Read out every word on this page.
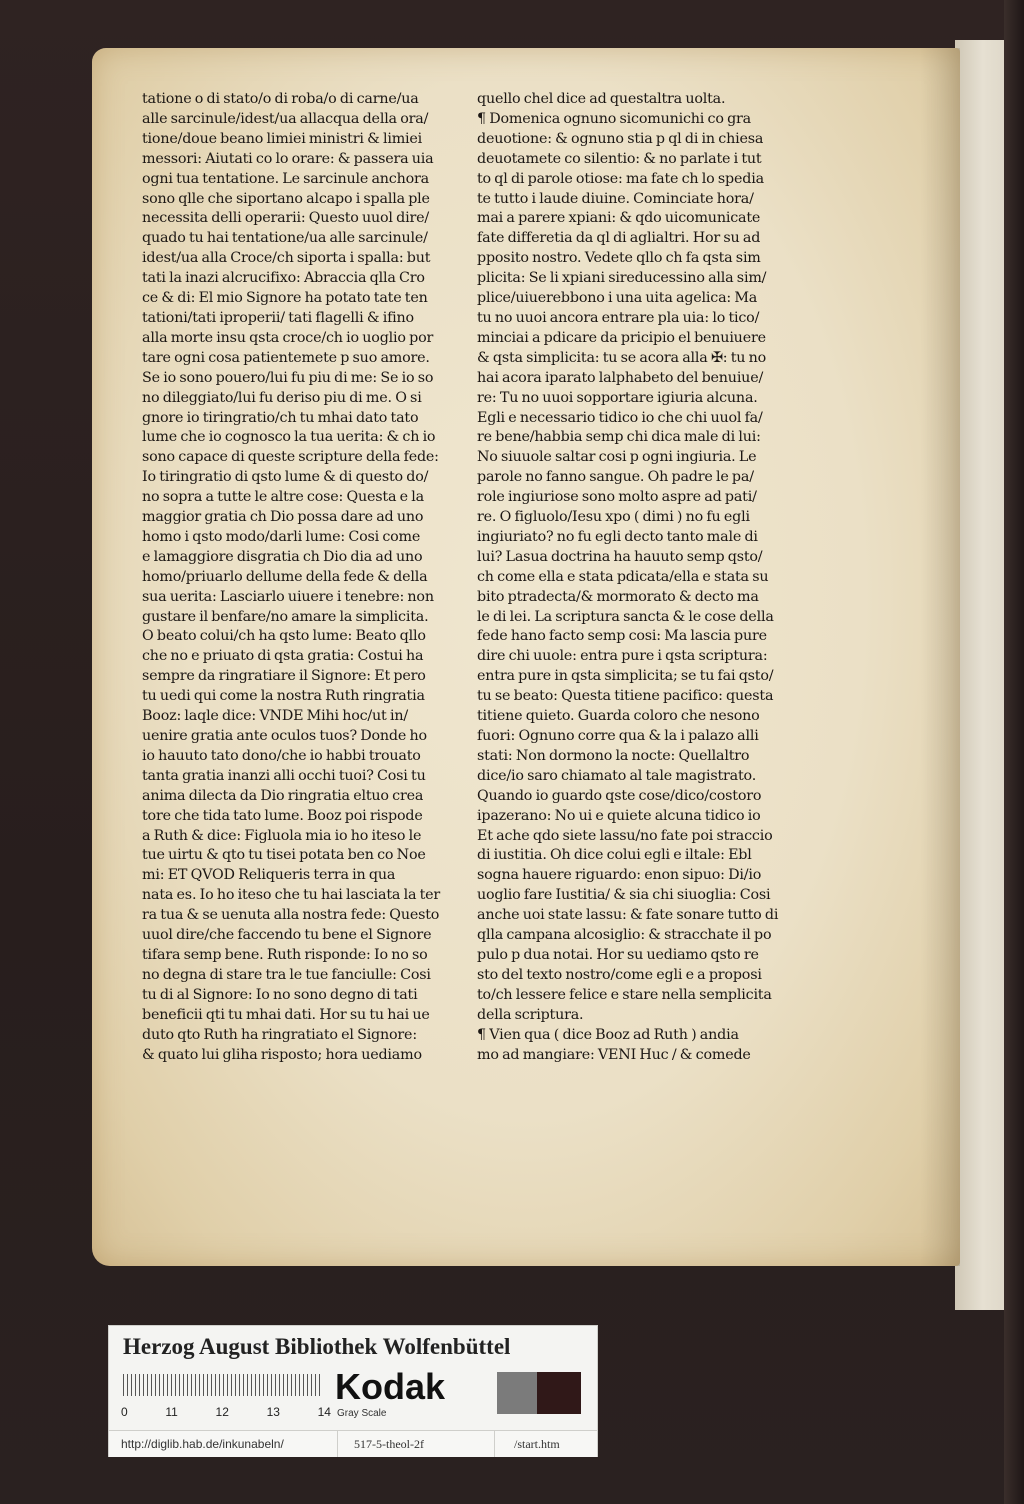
tatione o di stato/o di roba/o di carne/ua
alle sarcinule/idest/ua allacqua della ora/
tione/doue beano limiei ministri & limiei
messori: Aiutati co lo orare: & passera uia
ogni tua tentatione. Le sarcinule anchora
sono qlle che siportano alcapo i spalla ple
necessita delli operarii: Questo uuol dire/
quado tu hai tentatione/ua alle sarcinule/
idest/ua alla Croce/ch siporta i spalla: but
tati la inazi alcrucifixo: Abraccia qlla Cro
ce & di: El mio Signore ha potato tate ten
tationi/tati iproperii/ tati flagelli & ifino
alla morte insu qsta croce/ch io uoglio por
tare ogni cosa patientemete p suo amore.
Se io sono pouero/lui fu piu di me: Se io so
no dileggiato/lui fu deriso piu di me. O si
gnore io tiringratio/ch tu mhai dato tato
lume che io cognosco la tua uerita: & ch io
sono capace di queste scripture della fede:
Io tiringratio di qsto lume & di questo do/
no sopra a tutte le altre cose: Questa e la
maggior gratia ch Dio possa dare ad uno
homo i qsto modo/darli lume: Cosi come
e lamaggiore disgratia ch Dio dia ad uno
homo/priuarlo dellume della fede & della
sua uerita: Lasciarlo uiuere i tenebre: non
gustare il benfare/no amare la simplicita.
O beato colui/ch ha qsto lume: Beato qllo
che no e priuato di qsta gratia: Costui ha
sempre da ringratiare il Signore: Et pero
tu uedi qui come la nostra Ruth ringratia
Booz: laqle dice: VNDE Mihi hoc/ut in/
uenire gratia ante oculos tuos? Donde ho
io hauuto tato dono/che io habbi trouato
tanta gratia inanzi alli occhi tuoi? Cosi tu
anima dilecta da Dio ringratia eltuo crea
tore che tida tato lume. Booz poi rispode
a Ruth & dice: Figluola mia io ho iteso le
tue uirtu & qto tu tisei potata ben co Noe
mi: ET QVOD Reliqueris terra in qua
nata es. Io ho iteso che tu hai lasciata la ter
ra tua & se uenuta alla nostra fede: Questo
uuol dire/che faccendo tu bene el Signore
tifara semp bene. Ruth risponde: Io no so
no degna di stare tra le tue fanciulle: Cosi
tu di al Signore: Io no sono degno di tati
beneficii qti tu mhai dati. Hor su tu hai ue
duto qto Ruth ha ringratiato el Signore:
& quato lui gliha risposto; hora uediamo
quello chel dice ad questaltra uolta.
¶ Domenica ognuno sicomunichi co gra
deuotione: & ognuno stia p ql di in chiesa
deuotamete co silentio: & no parlate i tut
to ql di parole otiose: ma fate ch lo spedia
te tutto i laude diuine. Cominciate hora/
mai a parere xpiani: & qdo uicomunicate
fate differetia da ql di aglialtri. Hor su ad
pposito nostro. Vedete qllo ch fa qsta sim
plicita: Se li xpiani sireducessino alla sim/
plice/uiuerebbono i una uita agelica: Ma
tu no uuoi ancora entrare pla uia: lo tico/
minciai a pdicare da pricipio el benuiuere
& qsta simplicita: tu se acora alla ✠: tu no
hai acora iparato lalphabeto del benuiue/
re: Tu no uuoi sopportare igiuria alcuna.
Egli e necessario tidico io che chi uuol fa/
re bene/habbia semp chi dica male di lui:
No siuuole saltar cosi p ogni ingiuria. Le
parole no fanno sangue. Oh padre le pa/
role ingiuriose sono molto aspre ad pati/
re. O figluolo/Iesu xpo ( dimi ) no fu egli
ingiuriato? no fu egli decto tanto male di
lui? Lasua doctrina ha hauuto semp qsto/
ch come ella e stata pdicata/ella e stata su
bito ptradecta/& mormorato & decto ma
le di lei. La scriptura sancta & le cose della
fede hano facto semp cosi: Ma lascia pure
dire chi uuole: entra pure i qsta scriptura:
entra pure in qsta simplicita; se tu fai qsto/
tu se beato: Questa titiene pacifico: questa
titiene quieto. Guarda coloro che nesono
fuori: Ognuno corre qua & la i palazo alli
stati: Non dormono la nocte: Quellaltro
dice/io saro chiamato al tale magistrato.
Quando io guardo qste cose/dico/costoro
ipazerano: No ui e quiete alcuna tidico io
Et ache qdo siete lassu/no fate poi straccio
di iustitia. Oh dice colui egli e iltale: Ebl
sogna hauere riguardo: enon sipuo: Di/io
uoglio fare Iustitia/ & sia chi siuoglia: Cosi
anche uoi state lassu: & fate sonare tutto di
qlla campana alcosiglio: & stracchate il po
pulo p dua notai. Hor su uediamo qsto re
sto del texto nostro/come egli e a proposi
to/ch lessere felice e stare nella semplicita
della scriptura.
¶ Vien qua ( dice Booz ad Ruth ) andia
mo ad mangiare: VENI Huc / & comede
Herzog August Bibliothek Wolfenbüttel
0	11	12	13	14
Kodak
Gray Scale
http://diglib.hab.de/inkunabeln/	517-5-theol-2f	/start.htm
